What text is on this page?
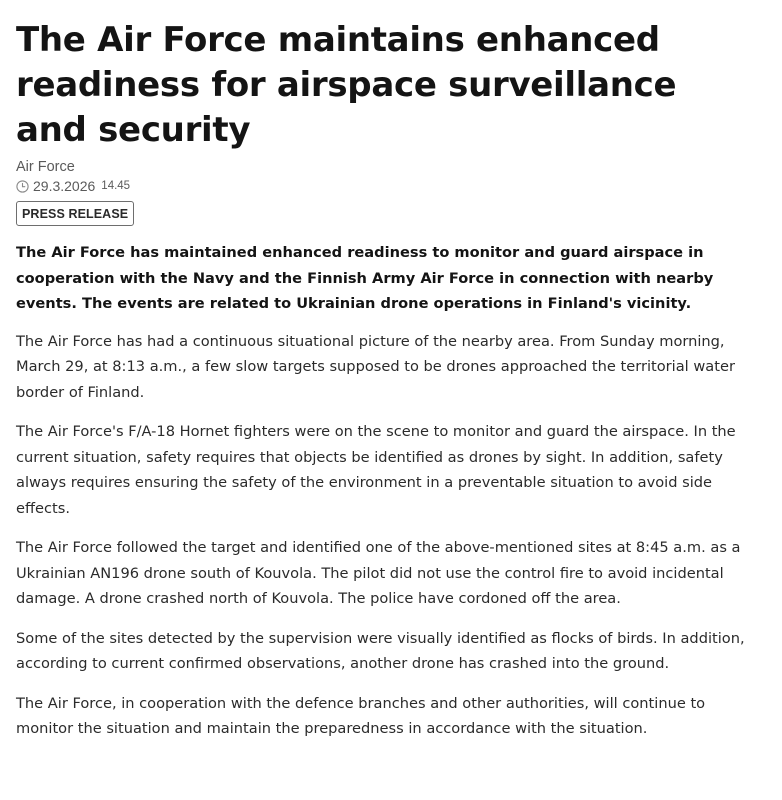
The Air Force maintains enhanced readiness for airspace surveillance and security
Air Force
29.3.2026 14.45
PRESS RELEASE

The Air Force has maintained enhanced readiness to monitor and guard airspace in cooperation with the Navy and the Finnish Army Air Force in connection with nearby events. The events are related to Ukrainian drone operations in Finland's vicinity.

The Air Force has had a continuous situational picture of the nearby area. From Sunday morning, March 29, at 8:13 a.m., a few slow targets supposed to be drones approached the territorial water border of Finland.

The Air Force's F/A-18 Hornet fighters were on the scene to monitor and guard the airspace. In the current situation, safety requires that objects be identified as drones by sight. In addition, safety always requires ensuring the safety of the environment in a preventable situation to avoid side effects.

The Air Force followed the target and identified one of the above-mentioned sites at 8:45 a.m. as a Ukrainian AN196 drone south of Kouvola. The pilot did not use the control fire to avoid incidental damage. A drone crashed north of Kouvola. The police have cordoned off the area.

Some of the sites detected by the supervision were visually identified as flocks of birds. In addition, according to current confirmed observations, another drone has crashed into the ground.

The Air Force, in cooperation with the defence branches and other authorities, will continue to monitor the situation and maintain the preparedness in accordance with the situation.
